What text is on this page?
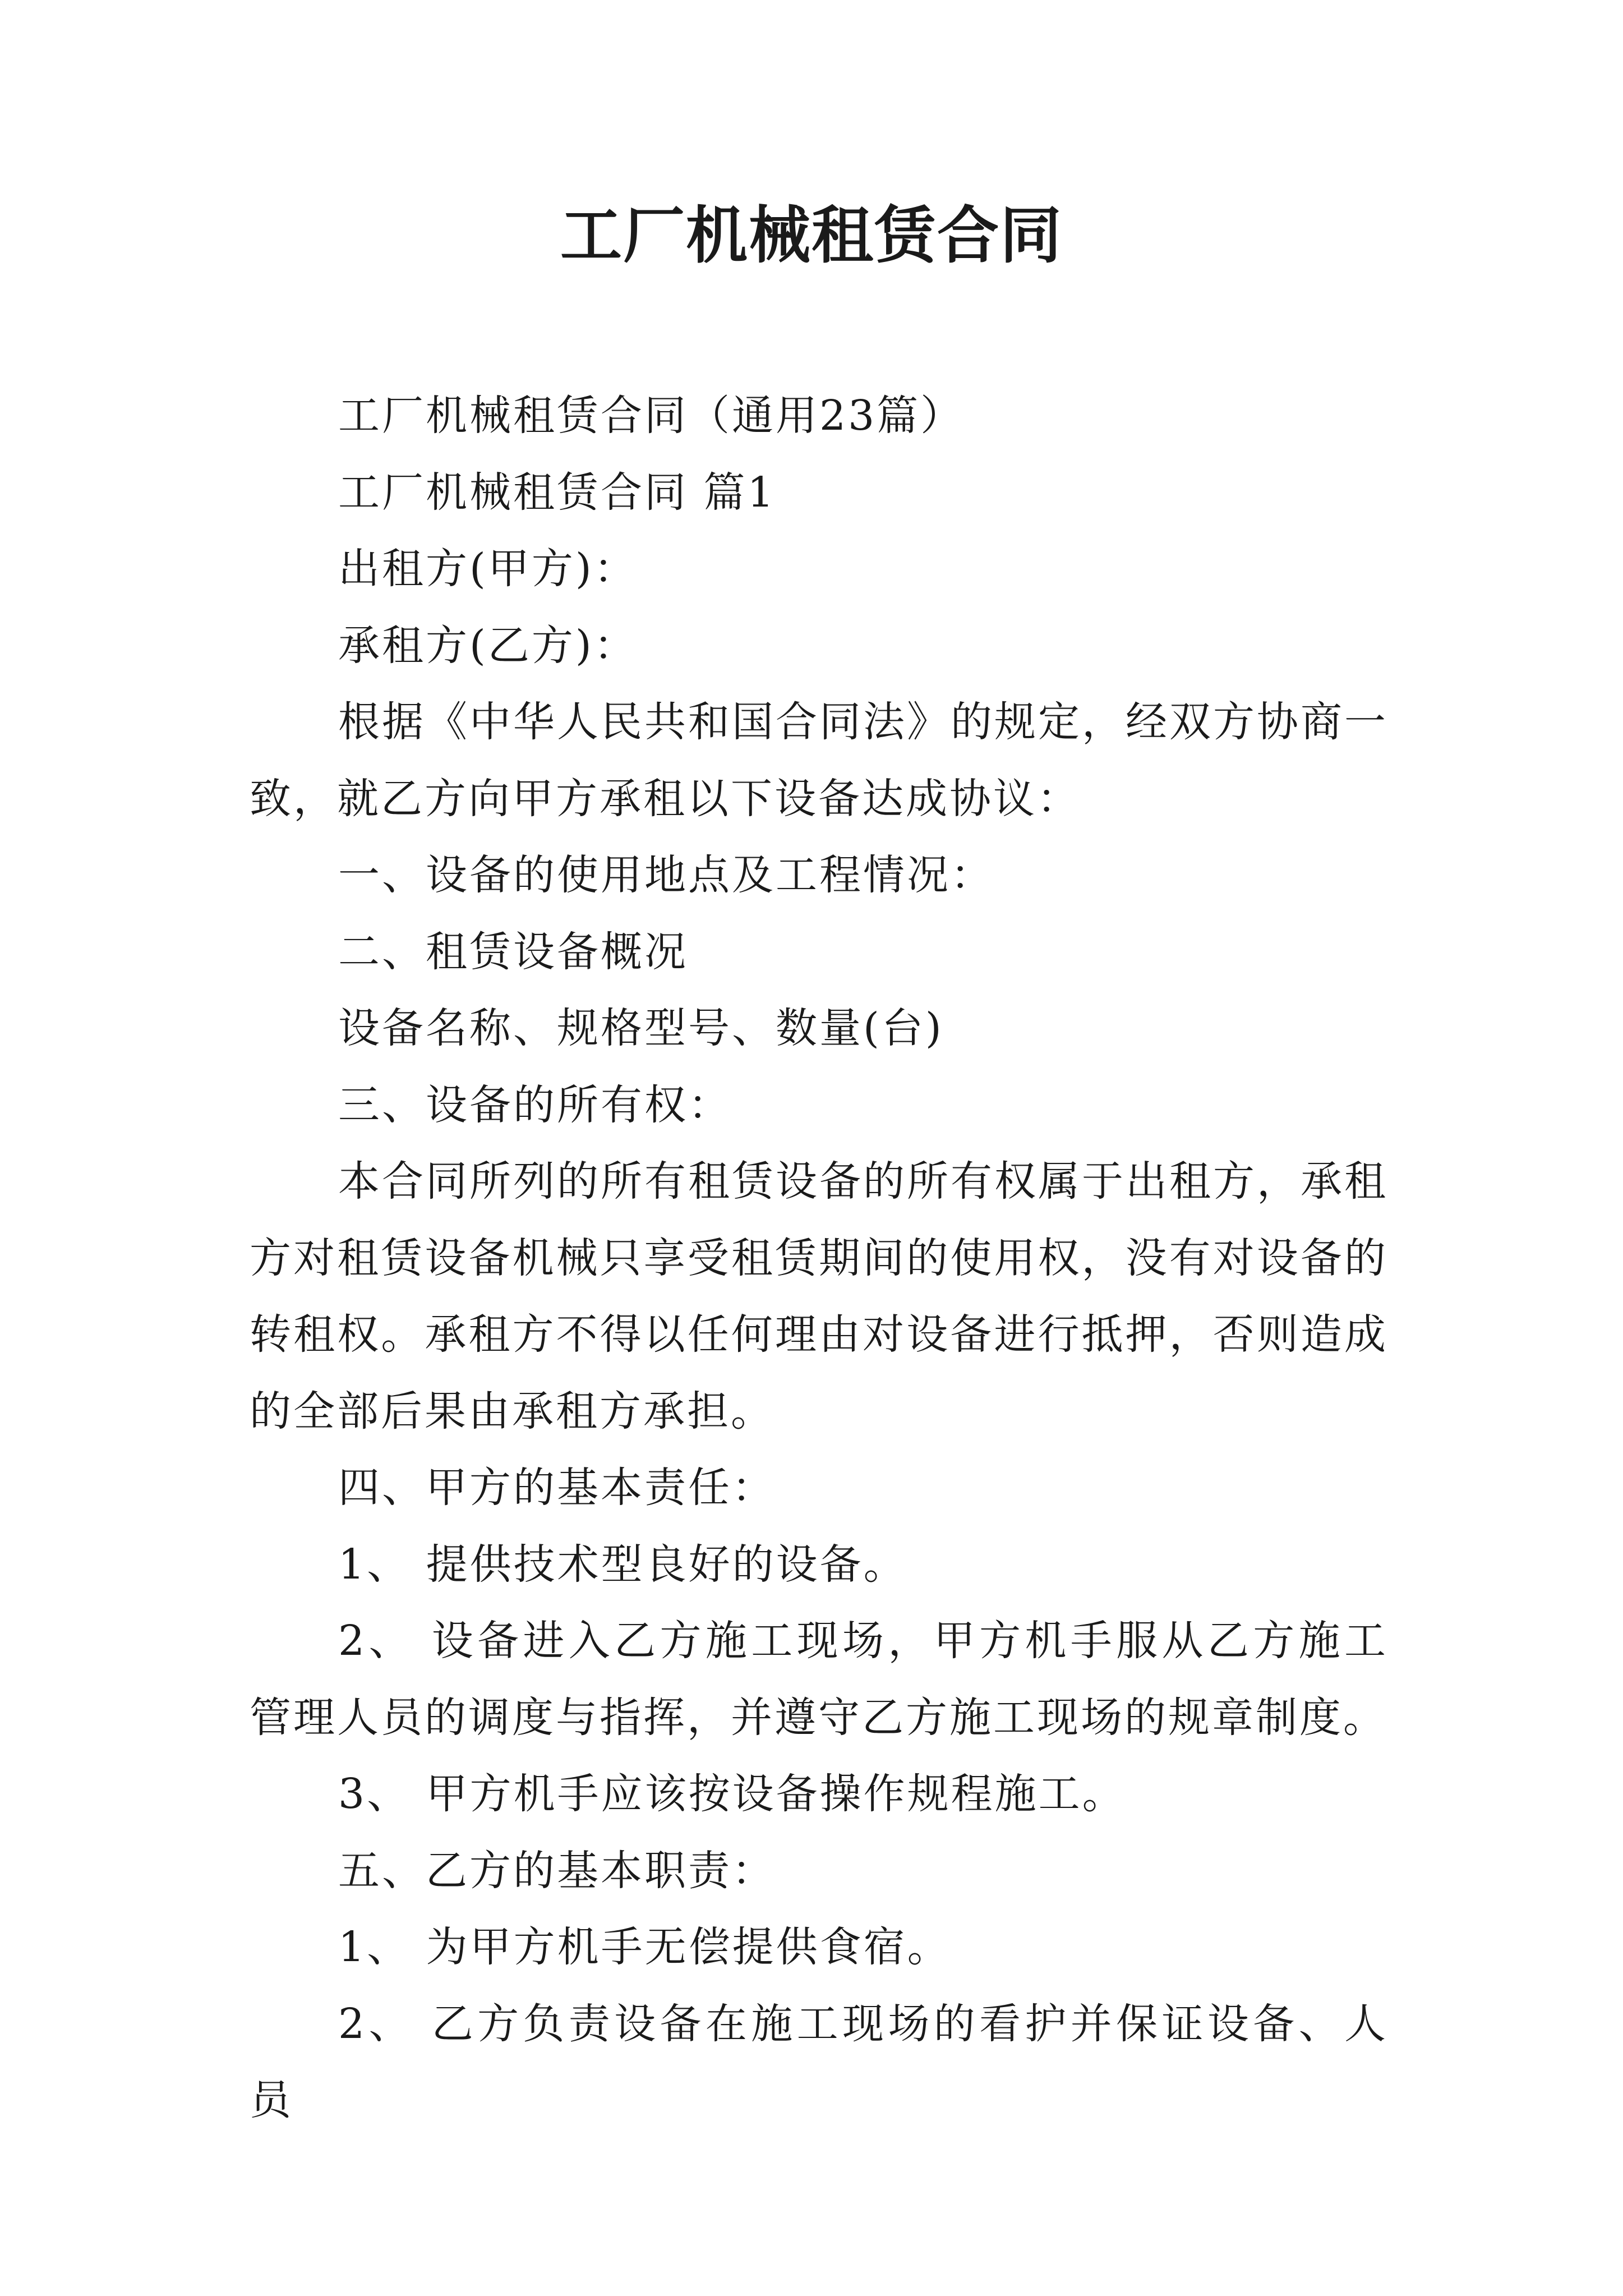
工厂机械租赁合同

工厂机械租赁合同（通用23篇）

工厂机械租赁合同 篇1

出租方(甲方)：

承租方(乙方)：

根据《中华人民共和国合同法》的规定，经双方协商一致，就乙方向甲方承租以下设备达成协议：

一、设备的使用地点及工程情况：

二、租赁设备概况

设备名称、规格型号、数量(台)

三、设备的所有权：

本合同所列的所有租赁设备的所有权属于出租方，承租方对租赁设备机械只享受租赁期间的使用权，没有对设备的转租权。承租方不得以任何理由对设备进行抵押，否则造成的全部后果由承租方承担。

四、甲方的基本责任：

1、 提供技术型良好的设备。

2、 设备进入乙方施工现场，甲方机手服从乙方施工管理人员的调度与指挥，并遵守乙方施工现场的规章制度。

3、 甲方机手应该按设备操作规程施工。

五、乙方的基本职责：

1、 为甲方机手无偿提供食宿。

2、 乙方负责设备在施工现场的看护并保证设备、人员
